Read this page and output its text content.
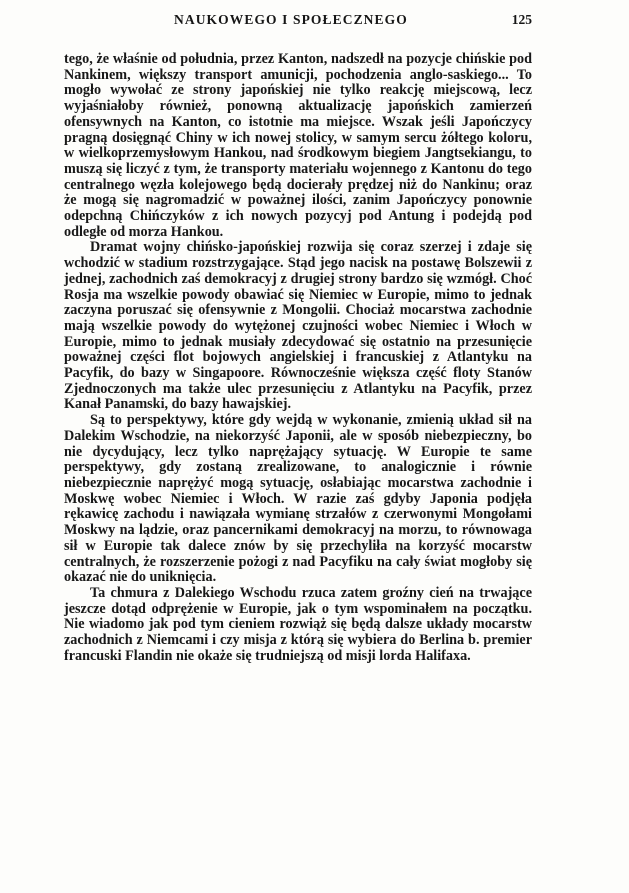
NAUKOWEGO I SPOŁECZNEGO	125

tego, że właśnie od południa, przez Kanton, nadszedł na pozycje chińskie pod Nankinem, większy transport amunicji, pochodzenia anglo-saskiego... To mogło wywołać ze strony japońskiej nie tylko reakcję miejscową, lecz wyjaśniałoby również, ponowną aktualizację japońskich zamierzeń ofensywnych na Kanton, co istotnie ma miejsce. Wszak jeśli Japończycy pragną dosięgnąć Chiny w ich nowej stolicy, w samym sercu żółtego koloru, w wielkoprzemysłowym Hankou, nad środkowym biegiem Jangtsekiangu, to muszą się liczyć z tym, że transporty materiału wojennego z Kantonu do tego centralnego węzła kolejowego będą docierały prędzej niż do Nankinu; oraz że mogą się nagromadzić w poważnej ilości, zanim Japończycy ponownie odepchną Chińczyków z ich nowych pozycyj pod Antung i podejdą pod odległe od morza Hankou.

Dramat wojny chińsko-japońskiej rozwija się coraz szerzej i zdaje się wchodzić w stadium rozstrzygające. Stąd jego nacisk na postawę Bolszewii z jednej, zachodnich zaś demokracyj z drugiej strony bardzo się wzmógł. Choć Rosja ma wszelkie powody obawiać się Niemiec w Europie, mimo to jednak zaczyna poruszać się ofensywnie z Mongolii. Chociaż mocarstwa zachodnie mają wszelkie powody do wytężonej czujności wobec Niemiec i Włoch w Europie, mimo to jednak musiały zdecydować się ostatnio na przesunięcie poważnej części flot bojowych angielskiej i francuskiej z Atlantyku na Pacyfik, do bazy w Singapoore. Równocześnie większa część floty Stanów Zjednoczonych ma także ulec przesunięciu z Atlantyku na Pacyfik, przez Kanał Panamski, do bazy hawajskiej.

Są to perspektywy, które gdy wejdą w wykonanie, zmienią układ sił na Dalekim Wschodzie, na niekorzyść Japonii, ale w sposób niebezpieczny, bo nie dycydujący, lecz tylko naprężający sytuację. W Europie te same perspektywy, gdy zostaną zrealizowane, to analogicznie i równie niebezpiecznie naprężyć mogą sytuację, osłabiając mocarstwa zachodnie i Moskwę wobec Niemiec i Włoch. W razie zaś gdyby Japonia podjęła rękawicę zachodu i nawiązała wymianę strzałów z czerwonymi Mongołami Moskwy na lądzie, oraz pancernikami demokracyj na morzu, to równowaga sił w Europie tak dalece znów by się przechyliła na korzyść mocarstw centralnych, że rozszerzenie pożogi z nad Pacyfiku na cały świat mogłoby się okazać nie do uniknięcia.

Ta chmura z Dalekiego Wschodu rzuca zatem groźny cień na trwające jeszcze dotąd odprężenie w Europie, jak o tym wspominałem na początku. Nie wiadomo jak pod tym cieniem rozwiąż się będą dalsze układy mocarstw zachodnich z Niemcami i czy misja z którą się wybiera do Berlina b. premier francuski Flandin nie okaże się trudniejszą od misji lorda Halifaxa.
